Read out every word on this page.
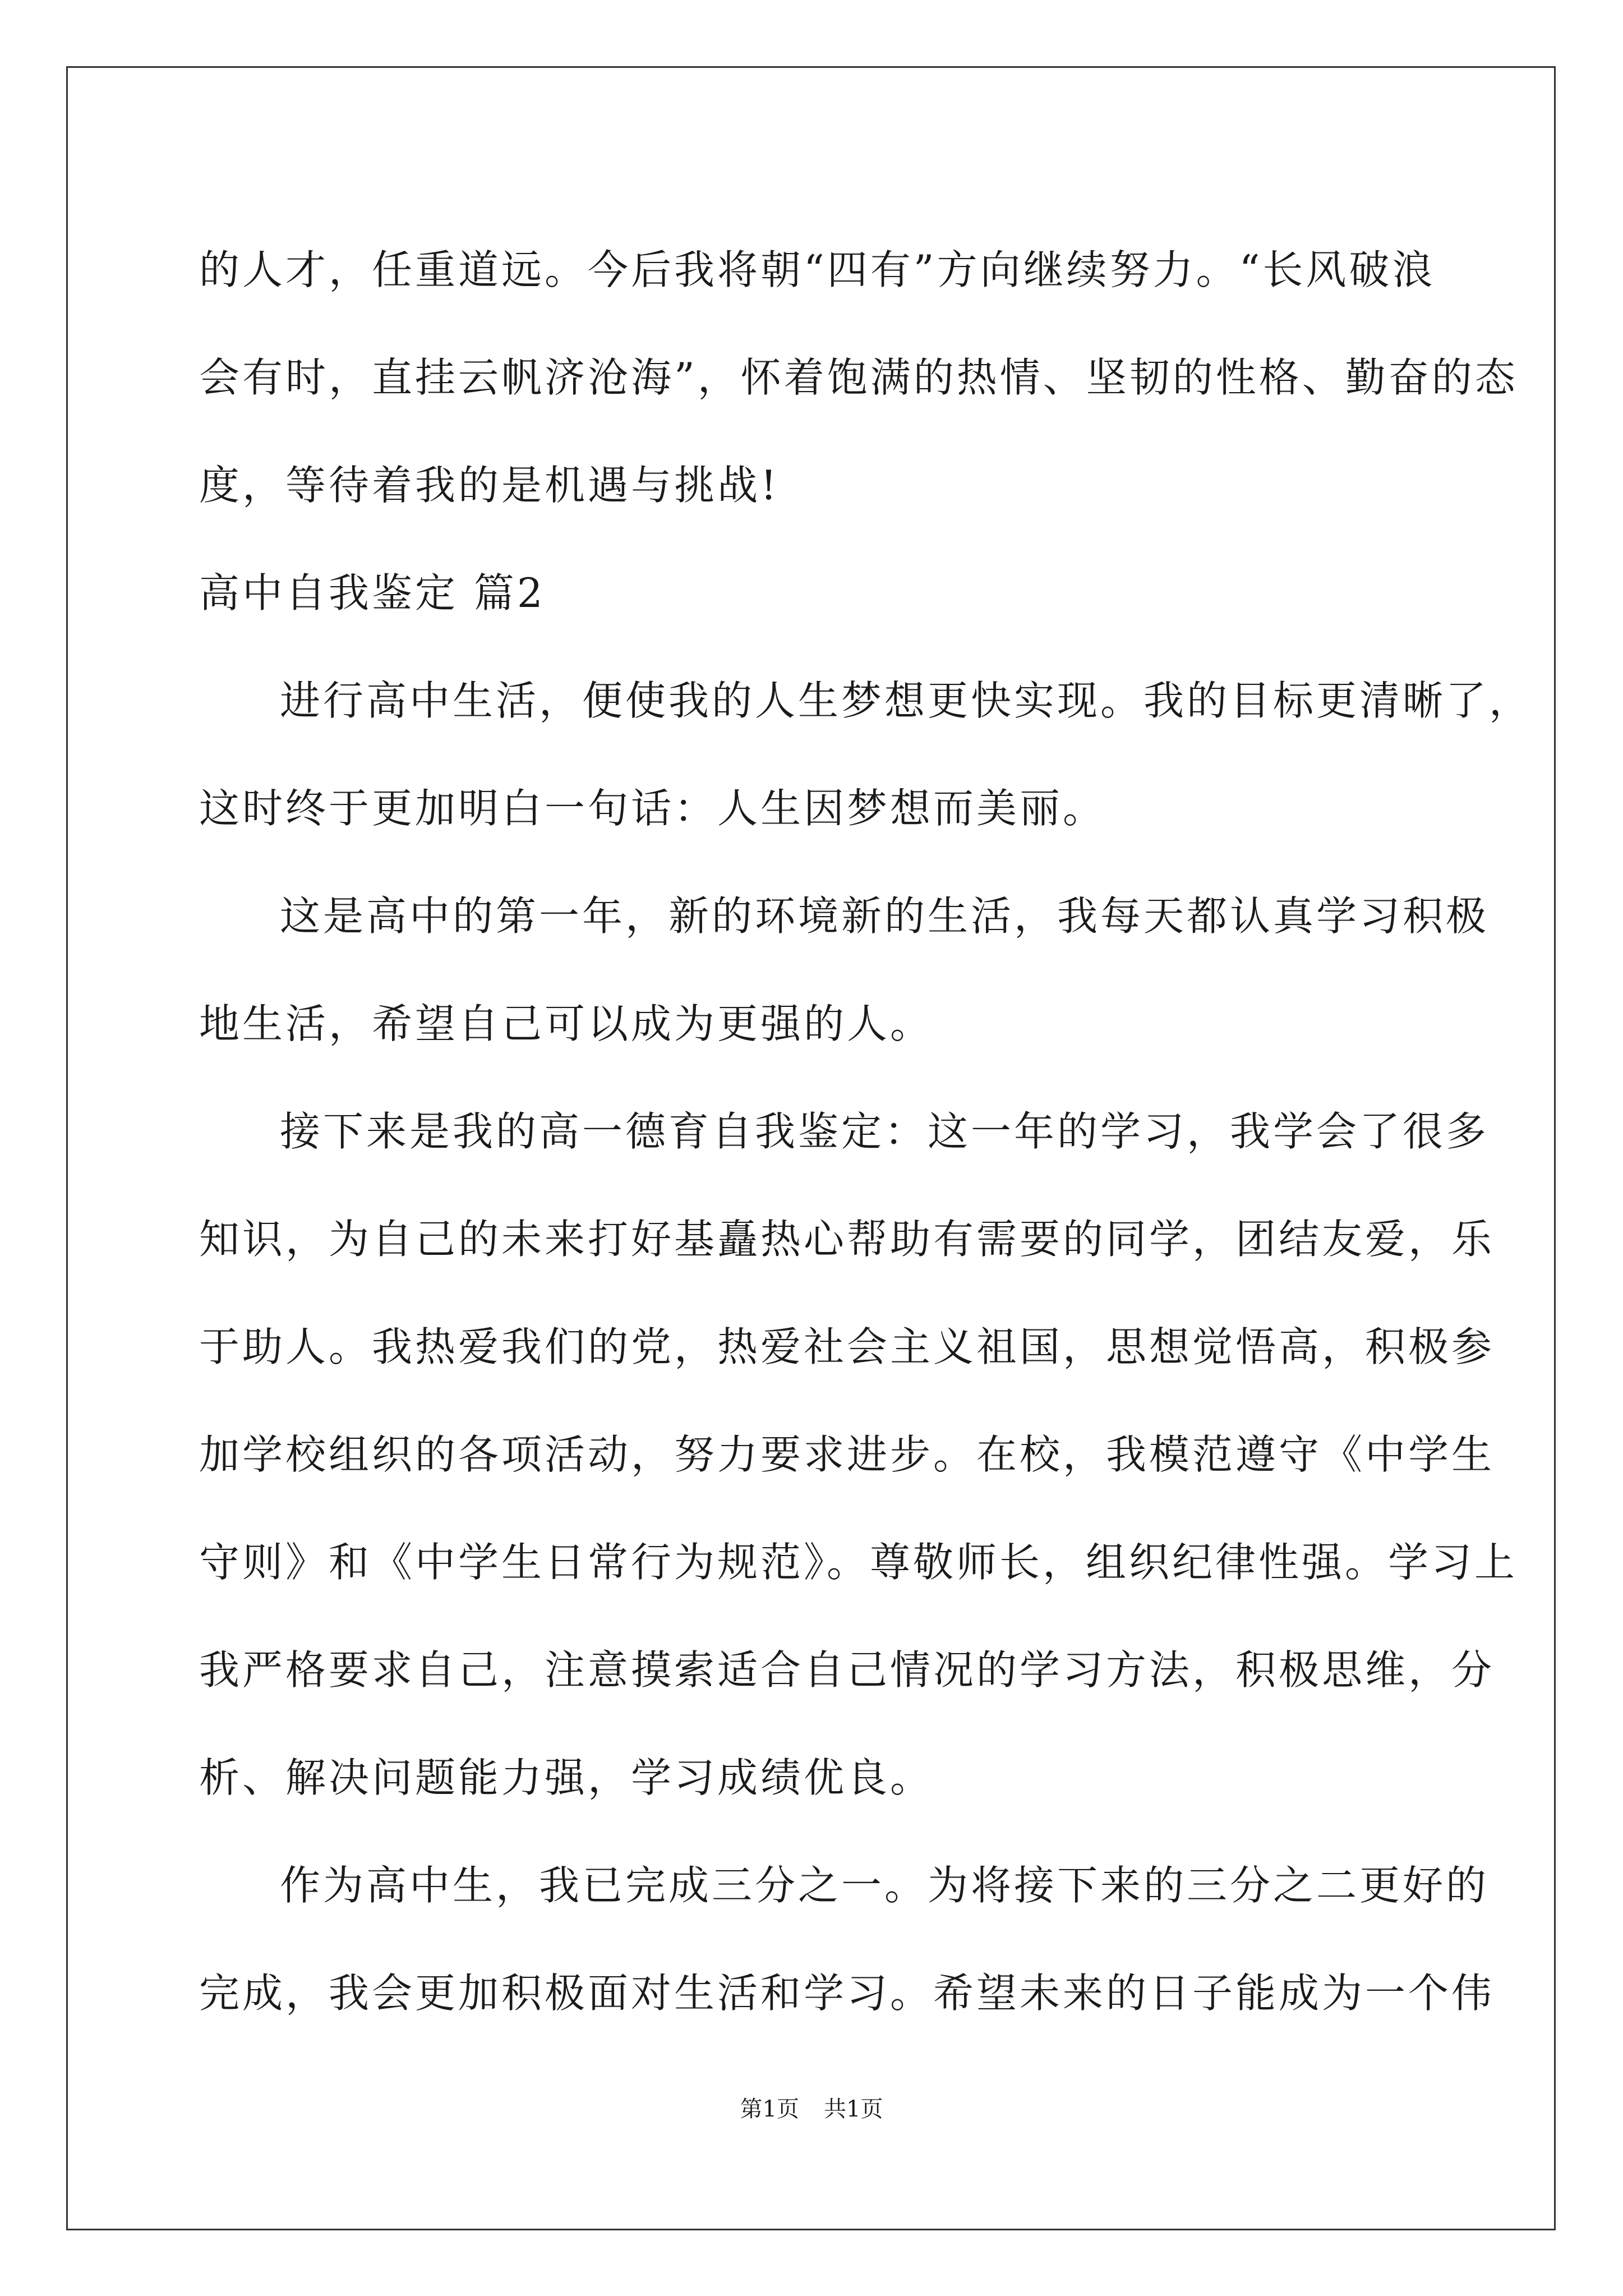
的人才，任重道远。今后我将朝“四有”方向继续努力。“长风破浪
会有时，直挂云帆济沧海”，怀着饱满的热情、坚韧的性格、勤奋的态
度，等待着我的是机遇与挑战!
高中自我鉴定 篇2
进行高中生活，便使我的人生梦想更快实现。我的目标更清晰了，
这时终于更加明白一句话：人生因梦想而美丽。
这是高中的第一年，新的环境新的生活，我每天都认真学习积极
地生活，希望自己可以成为更强的人。
接下来是我的高一德育自我鉴定：这一年的学习，我学会了很多
知识，为自己的未来打好基矗热心帮助有需要的同学，团结友爱，乐
于助人。我热爱我们的党，热爱社会主义祖国，思想觉悟高，积极参
加学校组织的各项活动，努力要求进步。在校，我模范遵守《中学生
守则》和《中学生日常行为规范》。尊敬师长，组织纪律性强。学习上
我严格要求自己，注意摸索适合自己情况的学习方法，积极思维，分
析、解决问题能力强，学习成绩优良。
作为高中生，我已完成三分之一。为将接下来的三分之二更好的
完成，我会更加积极面对生活和学习。希望未来的日子能成为一个伟
第1页 共1页
